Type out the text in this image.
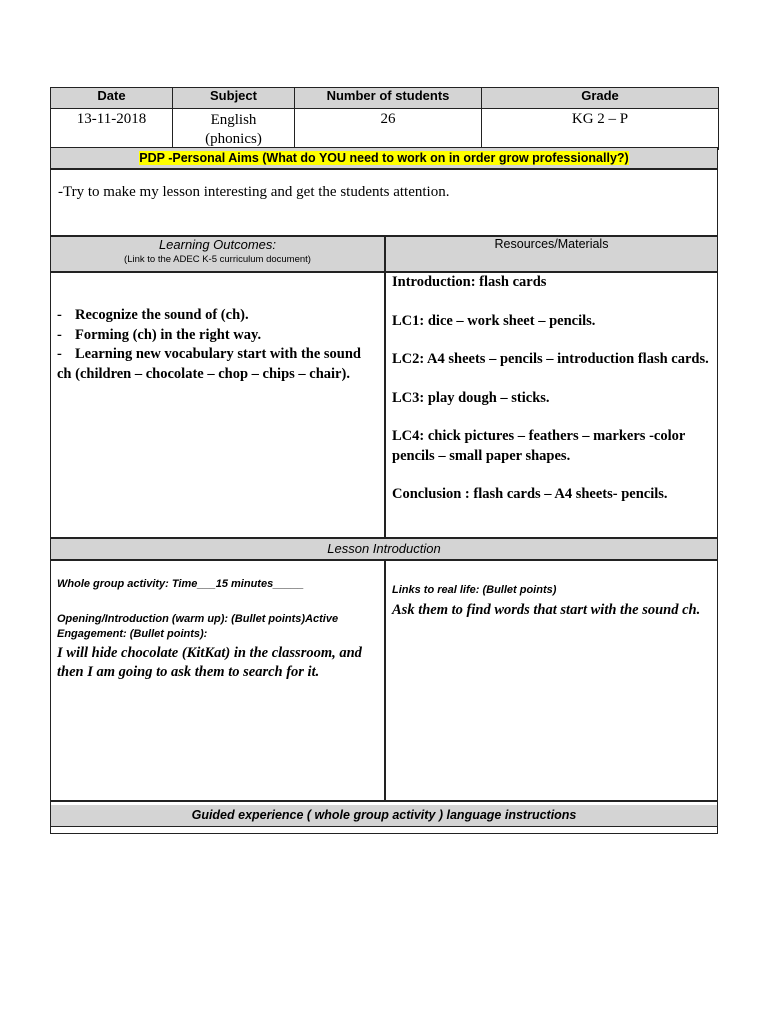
Date	Subject	Number of students	Grade
13-11-2018	English (phonics)	26	KG 2 – P
PDP -Personal Aims (What do YOU need to work on in order grow professionally?)
-Try to make my lesson interesting and get the students attention.
Learning Outcomes:
(Link to the ADEC K-5 curriculum document)
Resources/Materials
- Recognize the sound of (ch).
- Forming (ch) in the right way.
- Learning new vocabulary start with the sound ch (children – chocolate – chop – chips – chair).
Introduction: flash cards
LC1: dice – work sheet – pencils.
LC2: A4 sheets – pencils – introduction flash cards.
LC3: play dough – sticks.
LC4: chick pictures – feathers – markers -color pencils – small paper shapes.
Conclusion : flash cards – A4 sheets- pencils.
Lesson Introduction
Whole group activity: Time___15 minutes_____
Opening/Introduction (warm up): (Bullet points)Active Engagement: (Bullet points):
I will hide chocolate (KitKat) in the classroom, and then I am going to ask them to search for it.
Links to real life: (Bullet points)
Ask them to find words that start with the sound ch.
Guided experience ( whole group activity ) language instructions
